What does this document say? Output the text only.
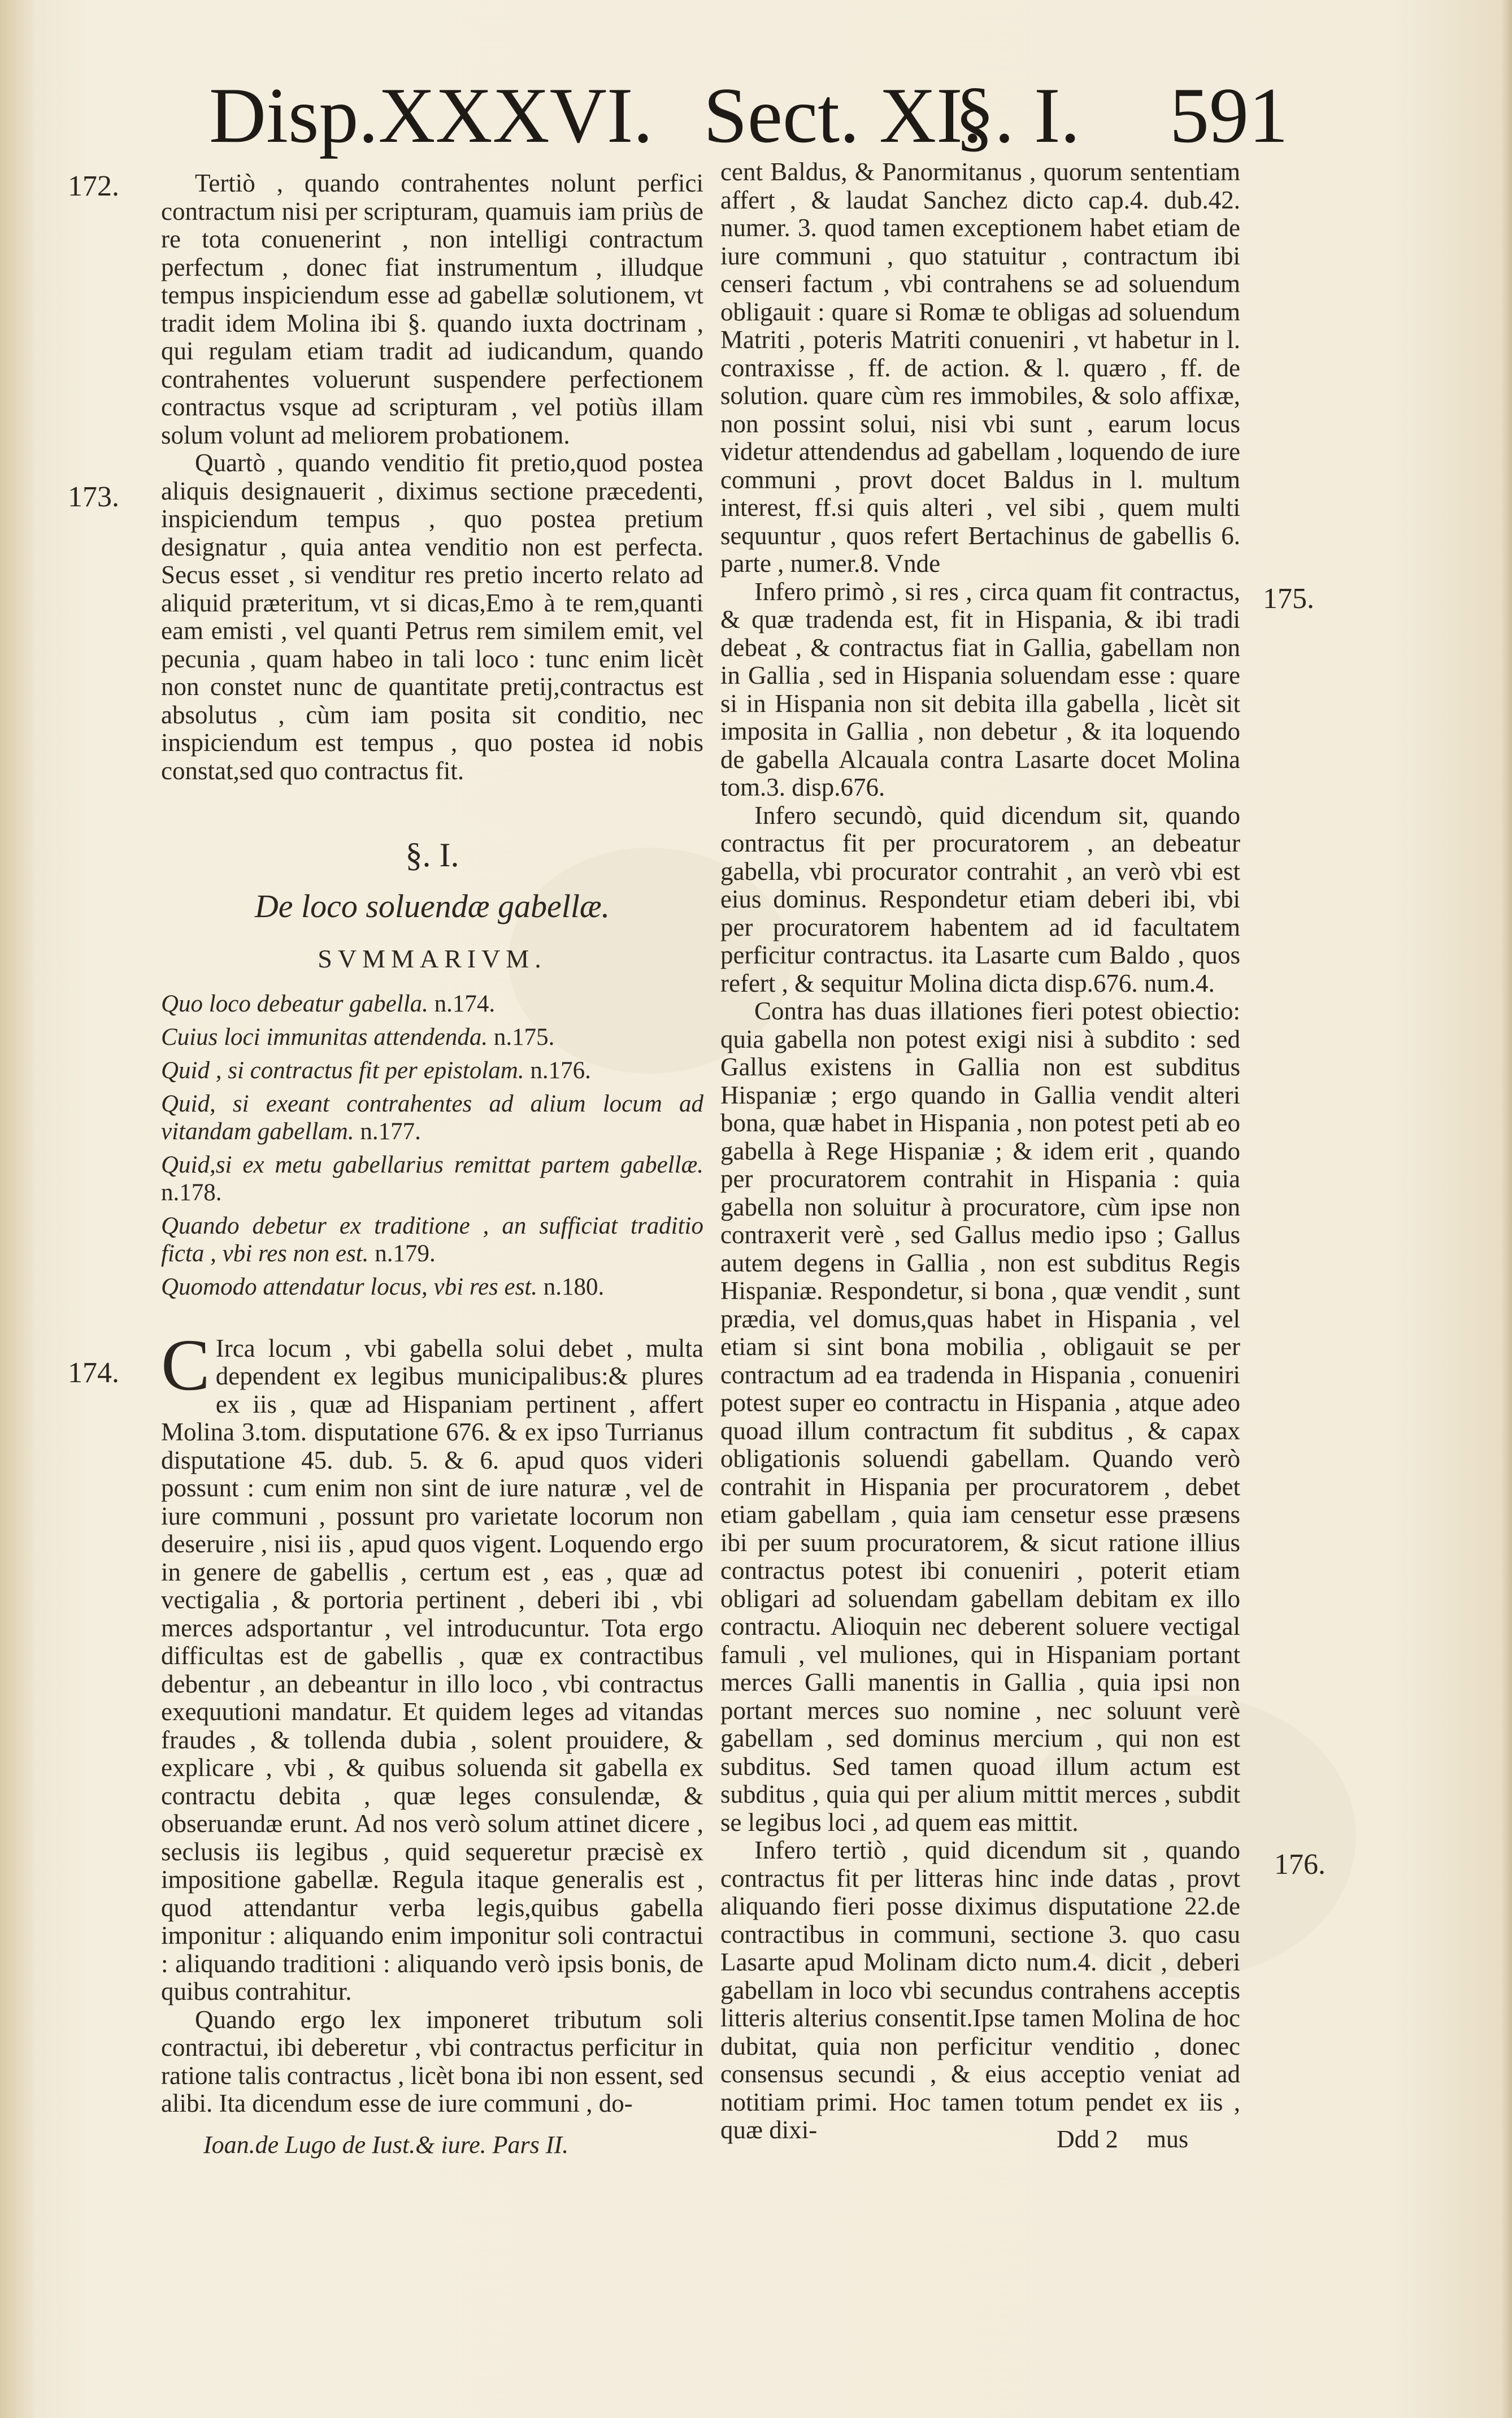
Disp.XXXVI. Sect. XI.
§. I. 591
172.
173.
174.
175.
176.

Tertiò , quando contrahentes nolunt perfici contractum nisi per scripturam, quamuis iam priùs de re tota conuenerint , non intelligi contractum perfectum , donec fiat instrumentum , illudque tempus inspiciendum esse ad gabellæ solutionem, vt tradit idem Molina ibi §. quando iuxta doctrinam , qui regulam etiam tradit ad iudicandum, quando contrahentes voluerunt suspendere perfectionem contractus vsque ad scripturam , vel potiùs illam solum volunt ad meliorem probationem.

Quartò , quando venditio fit pretio,quod postea aliquis designauerit , diximus sectione præcedenti, inspiciendum tempus , quo postea pretium designatur , quia antea venditio non est perfecta. Secus esset , si venditur res pretio incerto relato ad aliquid præteritum, vt si dicas,Emo à te rem,quanti eam emisti , vel quanti Petrus rem similem emit, vel pecunia , quam habeo in tali loco : tunc enim licèt non constet nunc de quantitate pretij,contractus est absolutus , cùm iam posita sit conditio, nec inspiciendum est tempus , quo postea id nobis constat,sed quo contractus fit.

§. I.

De loco soluendæ gabellæ.

SVMMARIVM.

Quo loco debeatur gabella. n.174.
Cuius loci immunitas attendenda. n.175.
Quid , si contractus fit per epistolam. n.176.
Quid, si exeant contrahentes ad alium locum ad vitandam gabellam. n.177.
Quid,si ex metu gabellarius remittat partem gabellæ. n.178.
Quando debetur ex traditione , an sufficiat traditio ficta , vbi res non est. n.179.
Quomodo attendatur locus, vbi res est. n.180.

C Irca locum , vbi gabella solui debet , multa dependent ex legibus municipalibus:& plures ex iis , quæ ad Hispaniam pertinent , affert Molina 3.tom. disputatione 676. & ex ipso Turrianus disputatione 45. dub. 5. & 6. apud quos videri possunt : cum enim non sint de iure naturæ , vel de iure communi , possunt pro varietate locorum non deseruire , nisi iis , apud quos vigent. Loquendo ergo in genere de gabellis , certum est , eas , quæ ad vectigalia , & portoria pertinent , deberi ibi , vbi merces adsportantur , vel introducuntur. Tota ergo difficultas est de gabellis , quæ ex contractibus debentur , an debeantur in illo loco , vbi contractus exequutioni mandatur. Et quidem leges ad vitandas fraudes , & tollenda dubia , solent prouidere, & explicare , vbi , & quibus soluenda sit gabella ex contractu debita , quæ leges consulendæ, & obseruandæ erunt. Ad nos verò solum attinet dicere , seclusis iis legibus , quid sequeretur præcisè ex impositione gabellæ. Regula itaque generalis est , quod attendantur verba legis,quibus gabella imponitur : aliquando enim imponitur soli contractui : aliquando traditioni : aliquando verò ipsis bonis, de quibus contrahitur.

Quando ergo lex imponeret tributum soli contractui, ibi deberetur , vbi contractus perficitur in ratione talis contractus , licèt bona ibi non essent, sed alibi. Ita dicendum esse de iure communi , do-

cent Baldus, & Panormitanus , quorum sententiam affert , & laudat Sanchez dicto cap.4. dub.42. numer. 3. quod tamen exceptionem habet etiam de iure communi , quo statuitur , contractum ibi censeri factum , vbi contrahens se ad soluendum obligauit : quare si Romæ te obligas ad soluendum Matriti , poteris Matriti conueniri , vt habetur in l. contraxisse , ff. de action. & l. quæro , ff. de solution. quare cùm res immobiles, & solo affixæ, non possint solui, nisi vbi sunt , earum locus videtur attendendus ad gabellam , loquendo de iure communi , provt docet Baldus in l. multum interest, ff.si quis alteri , vel sibi , quem multi sequuntur , quos refert Bertachinus de gabellis 6. parte , numer.8. Vnde

Infero primò , si res , circa quam fit contractus, & quæ tradenda est, fit in Hispania, & ibi tradi debeat , & contractus fiat in Gallia, gabellam non in Gallia , sed in Hispania soluendam esse : quare si in Hispania non sit debita illa gabella , licèt sit imposita in Gallia , non debetur , & ita loquendo de gabella Alcauala contra Lasarte docet Molina tom.3. disp.676.

Infero secundò, quid dicendum sit, quando contractus fit per procuratorem , an debeatur gabella, vbi procurator contrahit , an verò vbi est eius dominus. Respondetur etiam deberi ibi, vbi per procuratorem habentem ad id facultatem perficitur contractus. ita Lasarte cum Baldo , quos refert , & sequitur Molina dicta disp.676. num.4.

Contra has duas illationes fieri potest obiectio: quia gabella non potest exigi nisi à subdito : sed Gallus existens in Gallia non est subditus Hispaniæ ; ergo quando in Gallia vendit alteri bona, quæ habet in Hispania , non potest peti ab eo gabella à Rege Hispaniæ ; & idem erit , quando per procuratorem contrahit in Hispania : quia gabella non soluitur à procuratore, cùm ipse non contraxerit verè , sed Gallus medio ipso ; Gallus autem degens in Gallia , non est subditus Regis Hispaniæ. Respondetur, si bona , quæ vendit , sunt prædia, vel domus,quas habet in Hispania , vel etiam si sint bona mobilia , obligauit se per contractum ad ea tradenda in Hispania , conueniri potest super eo contractu in Hispania , atque adeo quoad illum contractum fit subditus , & capax obligationis soluendi gabellam. Quando verò contrahit in Hispania per procuratorem , debet etiam gabellam , quia iam censetur esse præsens ibi per suum procuratorem, & sicut ratione illius contractus potest ibi conueniri , poterit etiam obligari ad soluendam gabellam debitam ex illo contractu. Alioquin nec deberent soluere vectigal famuli , vel muliones, qui in Hispaniam portant merces Galli manentis in Gallia , quia ipsi non portant merces suo nomine , nec soluunt verè gabellam , sed dominus mercium , qui non est subditus. Sed tamen quoad illum actum est subditus , quia qui per alium mittit merces , subdit se legibus loci , ad quem eas mittit.

Infero tertiò , quid dicendum sit , quando contractus fit per litteras hinc inde datas , provt aliquando fieri posse diximus disputatione 22.de contractibus in communi, sectione 3. quo casu Lasarte apud Molinam dicto num.4. dicit , deberi gabellam in loco vbi secundus contrahens acceptis litteris alterius consentit.Ipse tamen Molina de hoc dubitat, quia non perficitur venditio , donec consensus secundi , & eius acceptio veniat ad notitiam primi. Hoc tamen totum pendet ex iis , quæ dixi-

Ioan.de Lugo de Iust.& iure. Pars II.	Ddd 2 mus
